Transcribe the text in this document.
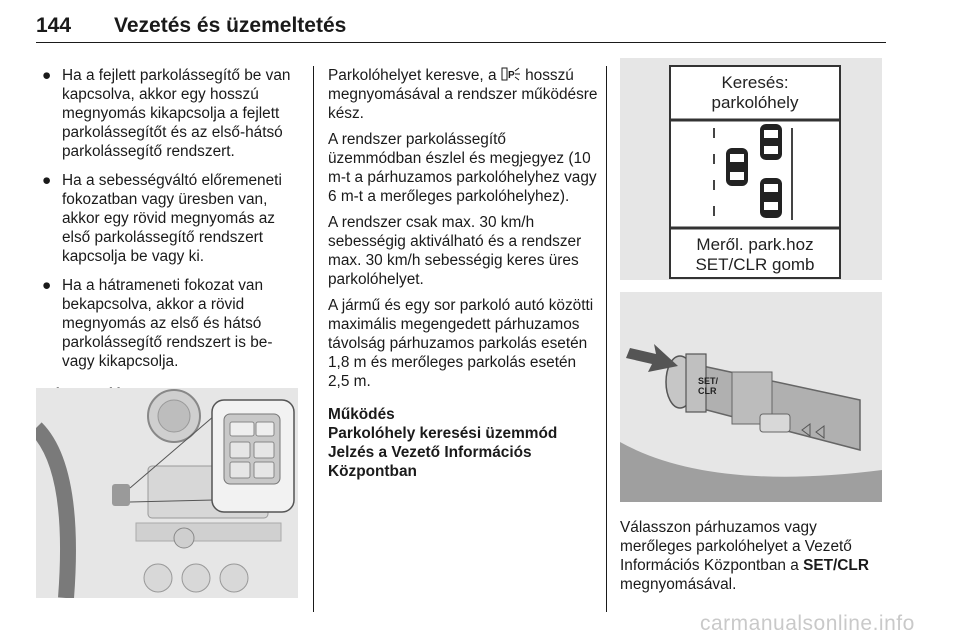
144 Vezetés és üzemeltetés
● Ha a fejlett parkolássegítő be van kapcsolva, akkor egy hosszú megnyomás kikapcsolja a fejlett parkolássegítőt és az első-hátsó parkolássegítő rendszert.
● Ha a sebességváltó előremeneti fokozatban vagy üresben van, akkor egy rövid megnyomás az első parkolássegítő rendszert kapcsolja be vagy ki.
● Ha a hátrameneti fokozat van bekapcsolva, akkor a rövid megnyomás az első és hátsó parkolássegítő rendszert is be-vagy kikapcsolja.

Parkolóhelyet keresve, a P hosszú megnyomásával a rendszer működésre kész.

A rendszer parkolássegítő üzemmódban észlel és megjegyez (10 m-t a párhuzamos parkolóhelyhez vagy 6 m-t a merőleges parkolóhelyhez).

A rendszer csak max. 30 km/h sebességig aktiválható és a rendszer max. 30 km/h sebességig keres üres parkolóhelyet.

A jármű és egy sor parkoló autó közötti maximális megengedett párhuzamos távolság párhuzamos parkolás esetén 1,8 m és merőleges parkolás esetén 2,5 m.

Működés
Parkolóhely keresési üzemmód Jelzés a Vezető Információs Központban
Keresés:
parkolóhely
Meről. park.hoz
SET/CLR gomb
SET/
CLR

Válasszon párhuzamos vagy merőleges parkolóhelyet a Vezető Információs Központban a SET/CLR megnyomásával.

carmanualsonline.info
